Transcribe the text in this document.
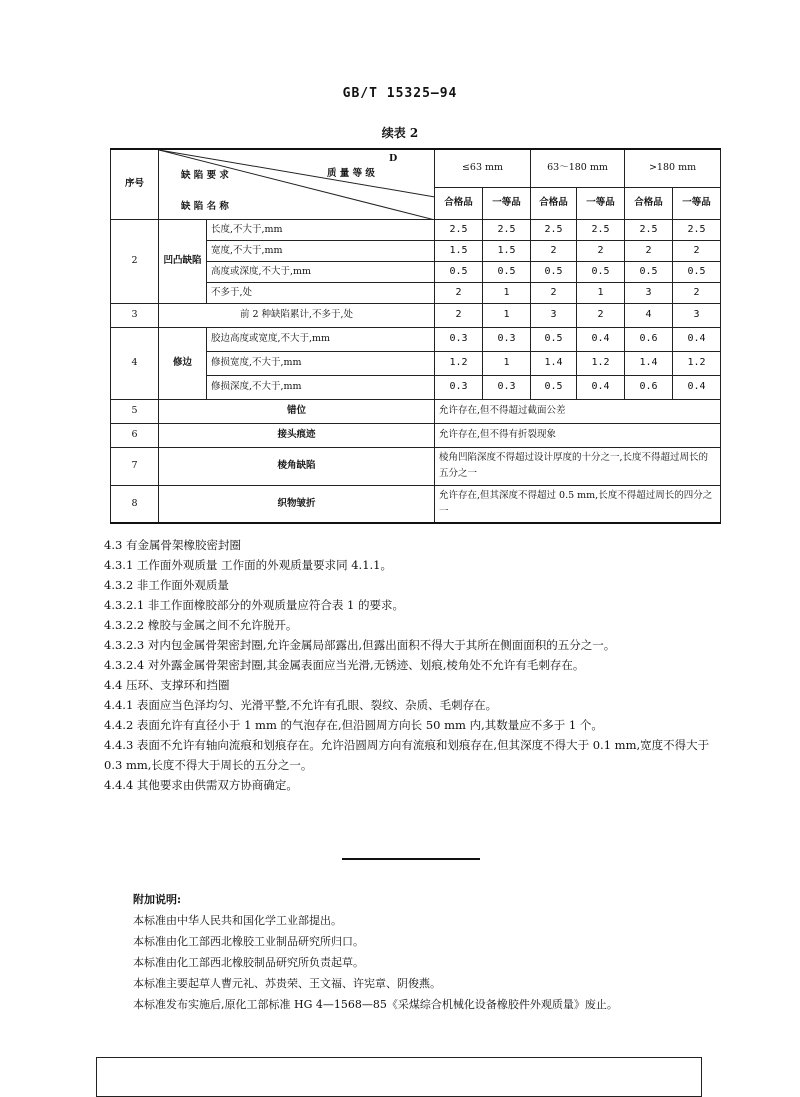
GB/T 15325—94
续表 2
序号	D
缺 陷 要 求 质 量 等 级
缺 陷 名 称		≤63 mm		63～180 mm		>180 mm	
			合格品	一等品	合格品	一等品	合格品	一等品
2	凹凸缺陷	长度,不大于,mm	2.5	2.5	2.5	2.5	2.5	2.5
		宽度,不大于,mm	1.5	1.5	2	2	2	2
		高度或深度,不大于,mm	0.5	0.5	0.5	0.5	0.5	0.5
		不多于,处	2	1	2	1	3	2
3	前 2 种缺陷累计,不多于,处		2	1	3	2	4	3
4	修边	胶边高度或宽度,不大于,mm	0.3	0.3	0.5	0.4	0.6	0.4
		修损宽度,不大于,mm	1.2	1	1.4	1.2	1.4	1.2
		修损深度,不大于,mm	0.3	0.3	0.5	0.4	0.6	0.4
5	错位		允许存在,但不得超过截面公差					
6	接头痕迹		允许存在,但不得有折裂现象					
7	棱角缺陷		棱角凹陷深度不得超过设计厚度的十分之一,长度不得超过周长的五分之一					
8	织物皱折		允许存在,但其深度不得超过 0.5 mm,长度不得超过周长的四分之一					

4.3 有金属骨架橡胶密封圈

4.3.1 工作面外观质量 工作面的外观质量要求同 4.1.1。

4.3.2 非工作面外观质量

4.3.2.1 非工作面橡胶部分的外观质量应符合表 1 的要求。

4.3.2.2 橡胶与金属之间不允许脱开。

4.3.2.3 对内包金属骨架密封圈,允许金属局部露出,但露出面积不得大于其所在侧面面积的五分之一。

4.3.2.4 对外露金属骨架密封圈,其金属表面应当光滑,无锈迹、划痕,棱角处不允许有毛刺存在。

4.4 压环、支撑环和挡圈

4.4.1 表面应当色泽均匀、光滑平整,不允许有孔眼、裂纹、杂质、毛刺存在。

4.4.2 表面允许有直径小于 1 mm 的气泡存在,但沿圆周方向长 50 mm 内,其数量应不多于 1 个。

4.4.3 表面不允许有轴向流痕和划痕存在。允许沿圆周方向有流痕和划痕存在,但其深度不得大于 0.1 mm,宽度不得大于 0.3 mm,长度不得大于周长的五分之一。

4.4.4 其他要求由供需双方协商确定。

附加说明:
本标准由中华人民共和国化学工业部提出。
本标准由化工部西北橡胶工业制品研究所归口。
本标准由化工部西北橡胶制品研究所负责起草。
本标准主要起草人曹元礼、苏贵荣、王文福、许宪章、阴俊燕。
本标准发布实施后,原化工部标准 HG 4—1568—85《采煤综合机械化设备橡胶件外观质量》废止。
